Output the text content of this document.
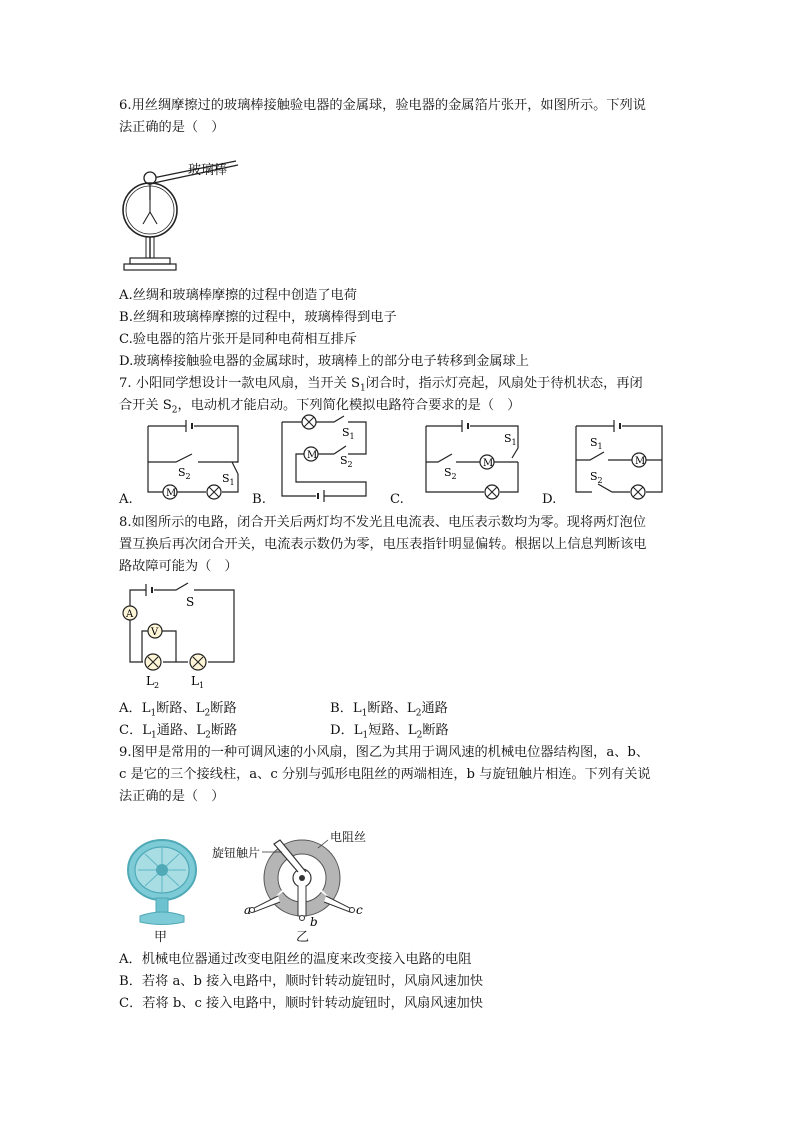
6.用丝绸摩擦过的玻璃棒接触验电器的金属球，验电器的金属箔片张开，如图所示。下列说
法正确的是（　）
玻璃棒
A.丝绸和玻璃棒摩擦的过程中创造了电荷
B.丝绸和玻璃棒摩擦的过程中，玻璃棒得到电子
C.验电器的箔片张开是同种电荷相互排斥
D.玻璃棒接触验电器的金属球时，玻璃棒上的部分电子转移到金属球上
7. 小阳同学想设计一款电风扇，当开关 $S_1$闭合时，指示灯亮起，风扇处于待机状态，再闭
合开关 $S_2$，电动机才能启动。下列简化模拟电路符合要求的是（　）
M
$S_2$	$S_1$
A.
M
$S_1$
$S_2$
B.
M
$S_2$
$S_1$
C.
M
$S_1$
$S_2$
D.
8.如图所示的电路，闭合开关后两灯均不发光且电流表、电压表示数均为零。现将两灯泡位
置互换后再次闭合开关，电流表示数仍为零，电压表指针明显偏转。根据以上信息判断该电
路故障可能为（　）
A
V
S
$L_2$	$L_1$
A．$L_1$断路、$L_2$断路	B．$L_1$断路、$L_2$通路
C．$L_1$通路、$L_2$断路	D．$L_1$短路、$L_2$断路
9.图甲是常用的一种可调风速的小风扇，图乙为其用于调风速的机械电位器结构图，a、b、
c 是它的三个接线柱，a、c 分别与弧形电阻丝的两端相连，b 与旋钮触片相连。下列有关说
法正确的是（　）
甲
a
b
c
电阻丝
旋钮触片
乙
A．机械电位器通过改变电阻丝的温度来改变接入电路的电阻
B．若将 a、b 接入电路中，顺时针转动旋钮时，风扇风速加快
C．若将 b、c 接入电路中，顺时针转动旋钮时，风扇风速加快
